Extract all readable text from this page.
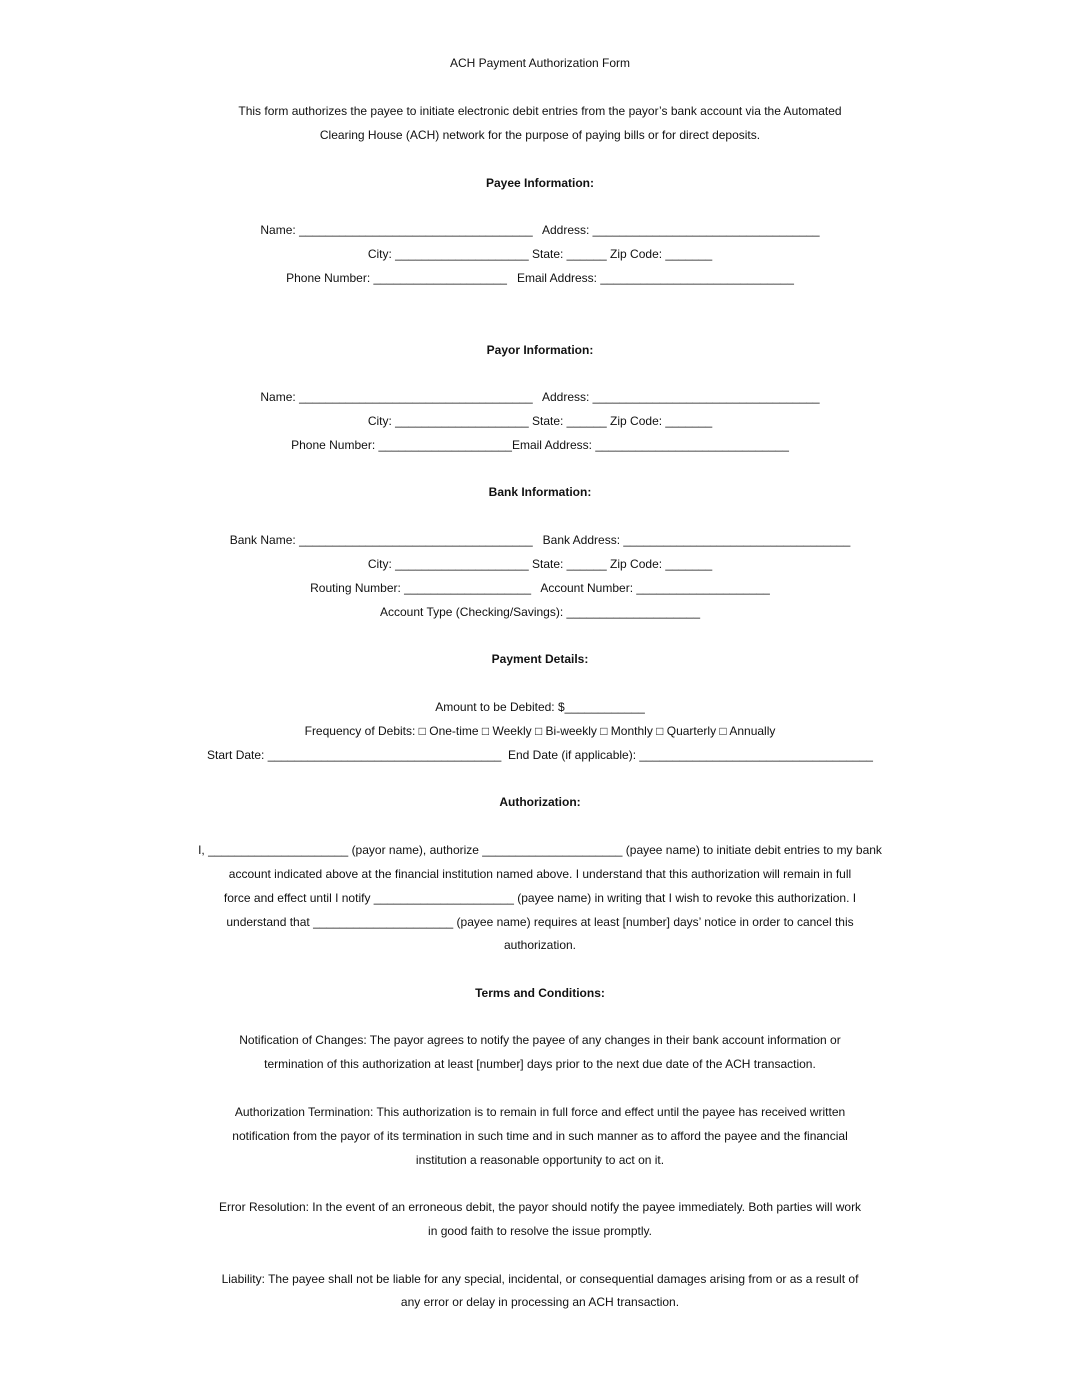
ACH Payment Authorization Form
This form authorizes the payee to initiate electronic debit entries from the payor’s bank account via the Automated
Clearing House (ACH) network for the purpose of paying bills or for direct deposits.
Payee Information:
Name: ___________________________________   Address: __________________________________
City: ____________________ State: ______ Zip Code: _______
Phone Number: ____________________   Email Address: _____________________________
Payor Information:
Name: ___________________________________   Address: __________________________________
City: ____________________ State: ______ Zip Code: _______
Phone Number: ____________________Email Address: _____________________________
Bank Information:
Bank Name: ___________________________________   Bank Address: __________________________________
City: ____________________ State: ______ Zip Code: _______
Routing Number: ___________________   Account Number: ____________________
Account Type (Checking/Savings): ____________________
Payment Details:
Amount to be Debited: $____________
Frequency of Debits: □ One-time □ Weekly □ Bi-weekly □ Monthly □ Quarterly □ Annually
Start Date: ___________________________________  End Date (if applicable): ___________________________________
Authorization:
I, _____________________ (payor name), authorize _____________________ (payee name) to initiate debit entries to my bank
account indicated above at the financial institution named above. I understand that this authorization will remain in full
force and effect until I notify _____________________ (payee name) in writing that I wish to revoke this authorization. I
understand that _____________________ (payee name) requires at least [number] days’ notice in order to cancel this
authorization.
Terms and Conditions:
Notification of Changes: The payor agrees to notify the payee of any changes in their bank account information or
termination of this authorization at least [number] days prior to the next due date of the ACH transaction.
Authorization Termination: This authorization is to remain in full force and effect until the payee has received written
notification from the payor of its termination in such time and in such manner as to afford the payee and the financial
institution a reasonable opportunity to act on it.
Error Resolution: In the event of an erroneous debit, the payor should notify the payee immediately. Both parties will work
in good faith to resolve the issue promptly.
Liability: The payee shall not be liable for any special, incidental, or consequential damages arising from or as a result of
any error or delay in processing an ACH transaction.
